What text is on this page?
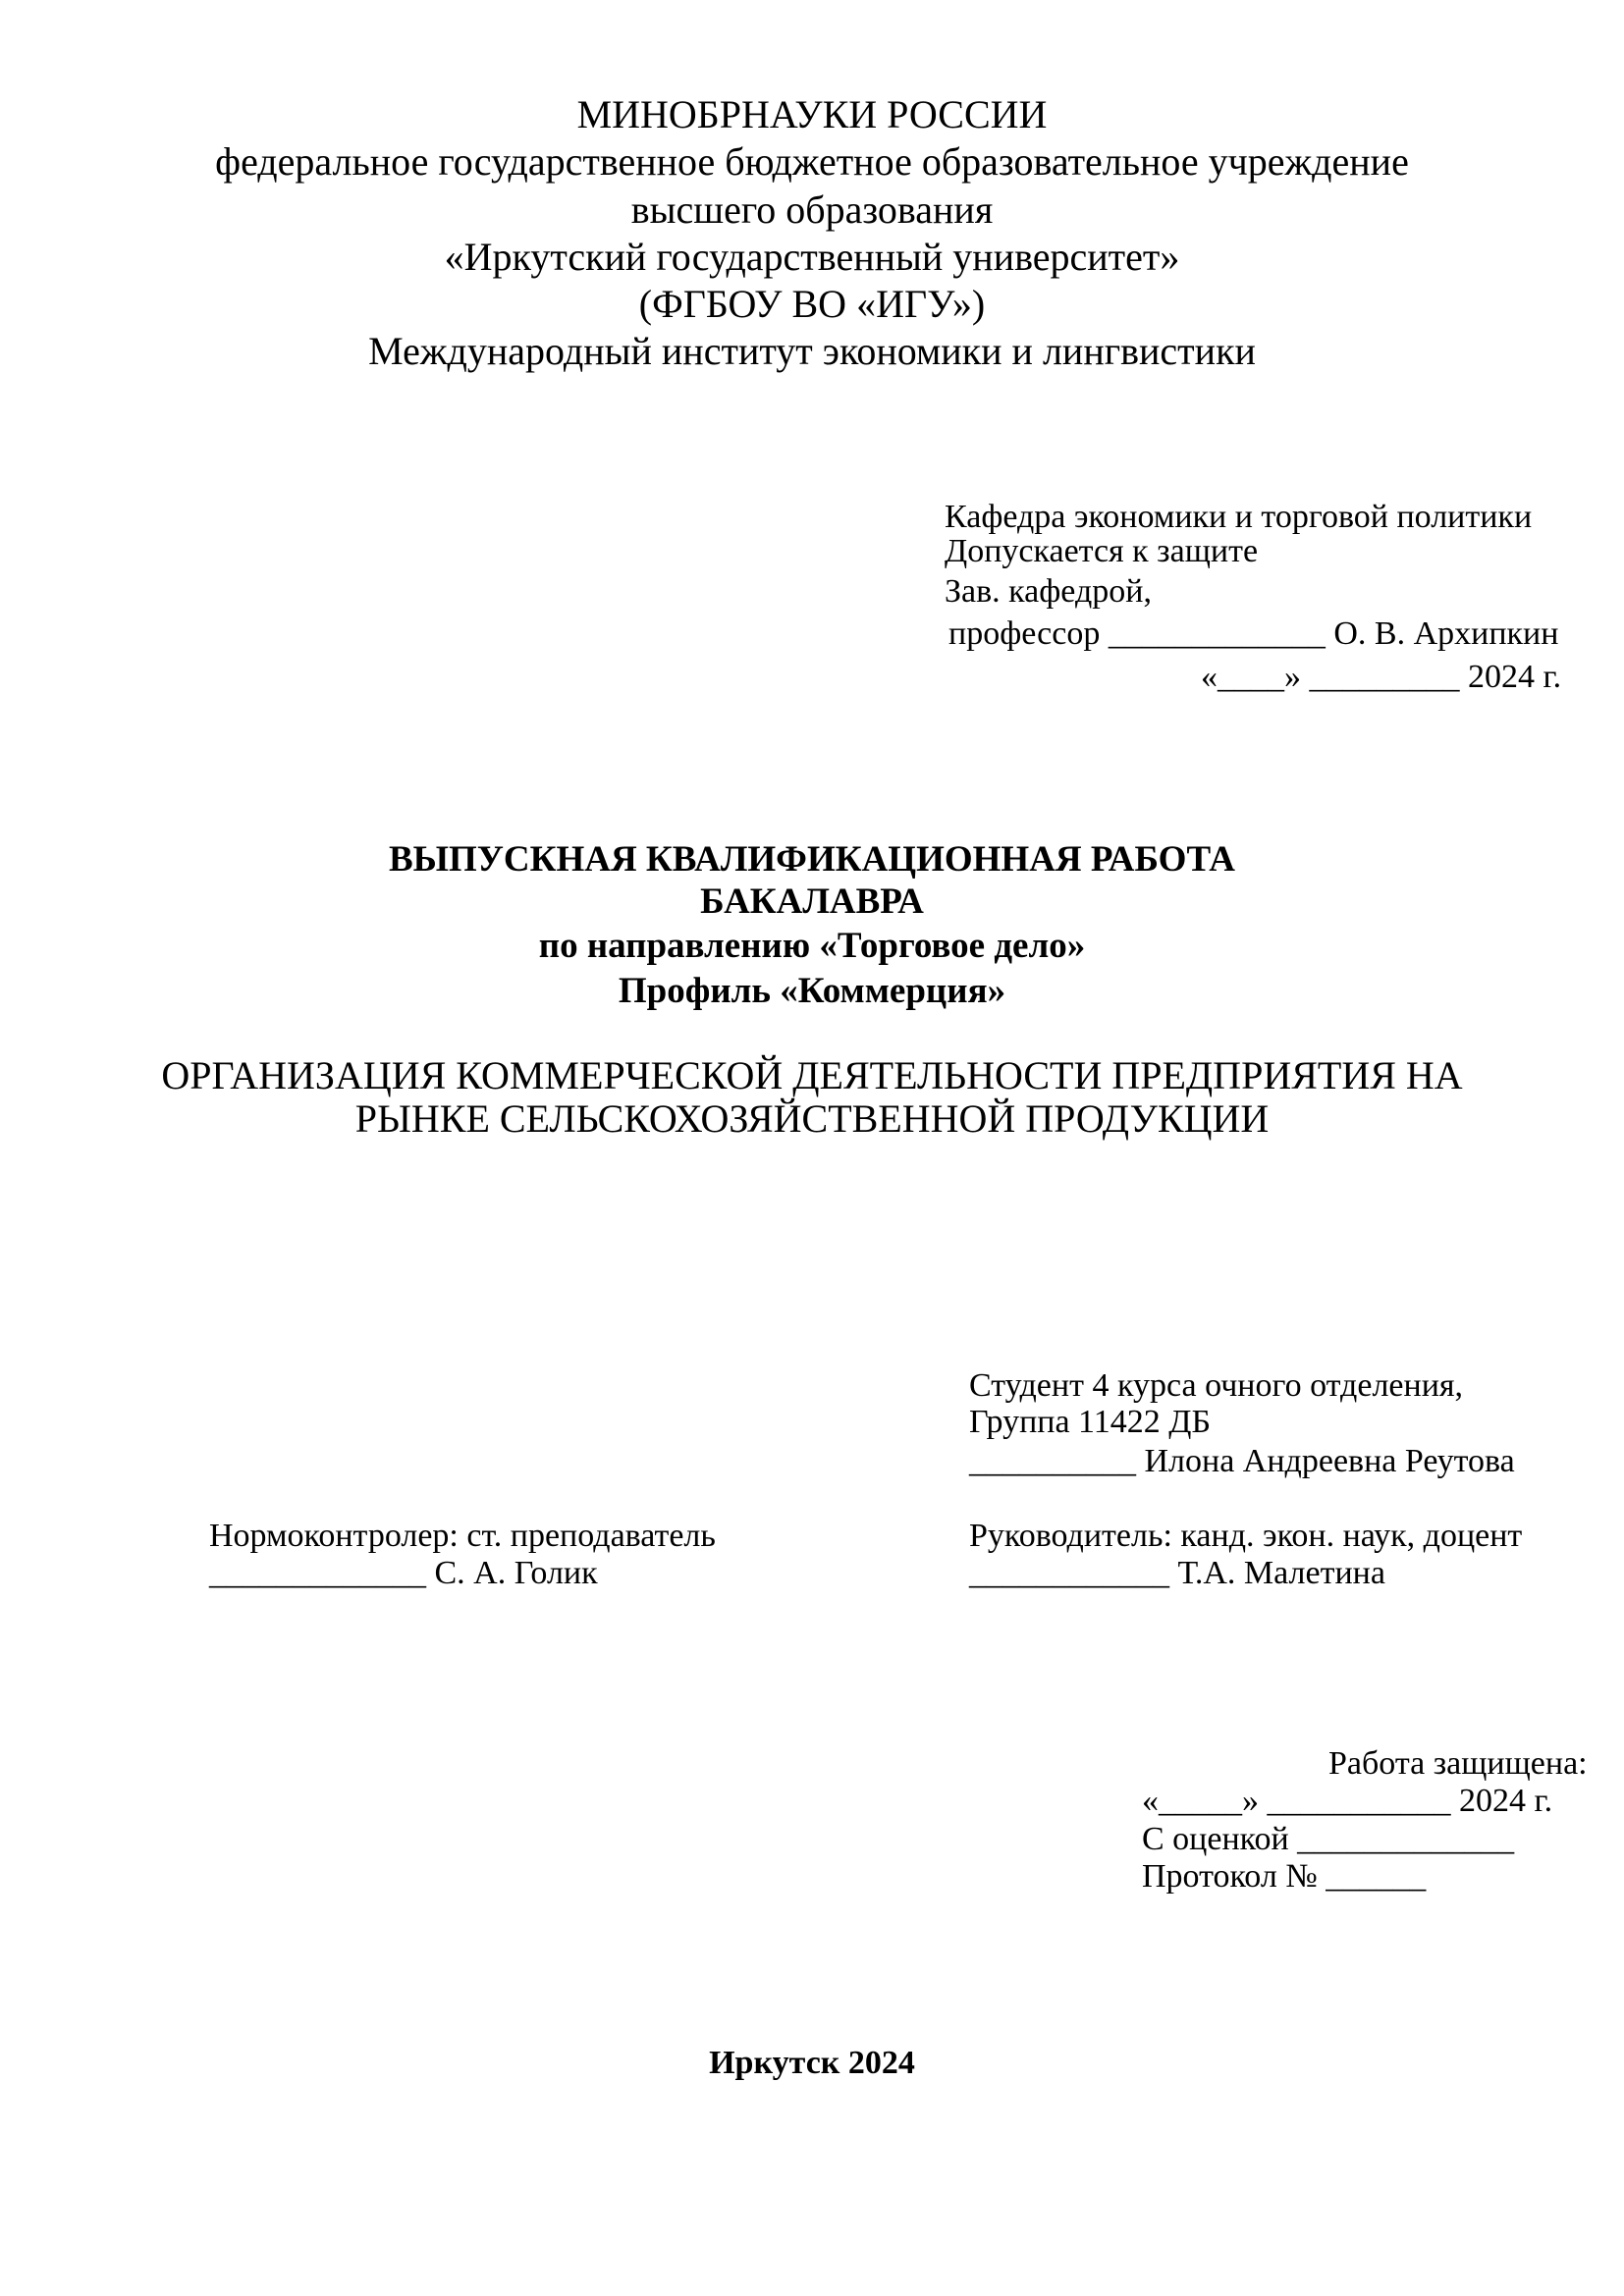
МИНОБРНАУКИ РОССИИ
федеральное государственное бюджетное образовательное учреждение
высшего образования
«Иркутский государственный университет»
(ФГБОУ ВО «ИГУ»)
Международный институт экономики и лингвистики
Кафедра экономики и торговой политики
Допускается к защите
Зав. кафедрой,
профессор _____________ О. В. Архипкин
«____» _________ 2024 г.
ВЫПУСКНАЯ КВАЛИФИКАЦИОННАЯ РАБОТА
БАКАЛАВРА
по направлению «Торговое дело»
Профиль «Коммерция»
ОРГАНИЗАЦИЯ КОММЕРЧЕСКОЙ ДЕЯТЕЛЬНОСТИ ПРЕДПРИЯТИЯ НА
РЫНКЕ СЕЛЬСКОХОЗЯЙСТВЕННОЙ ПРОДУКЦИИ
Студент 4 курса очного отделения,
Группа 11422 ДБ
__________ Илона Андреевна Реутова
Нормоконтролер: ст. преподаватель
_____________ С. А. Голик
Руководитель: канд. экон. наук, доцент
____________ Т.А. Малетина
Работа защищена:
«_____» ___________ 2024 г.
С оценкой _____________
Протокол № ______
Иркутск 2024
